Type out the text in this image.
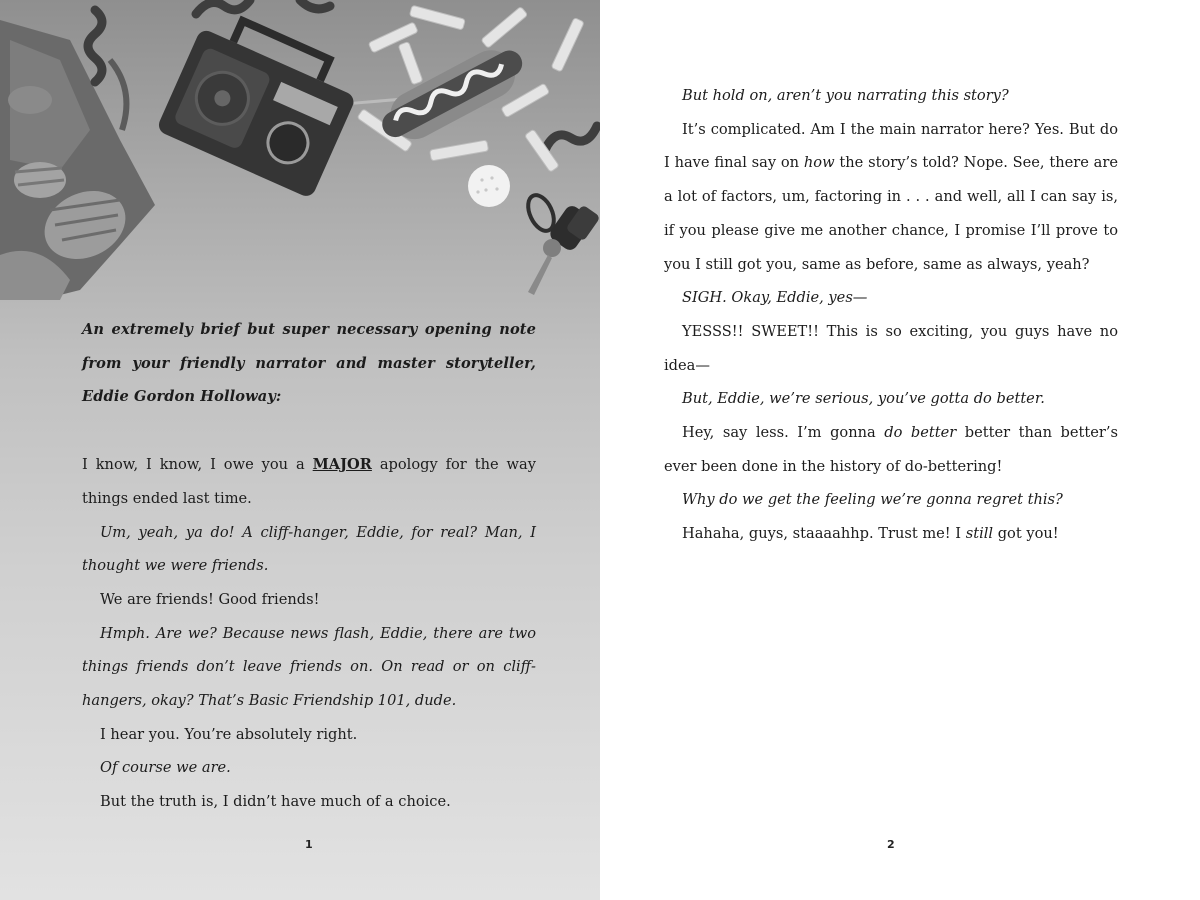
An extremely brief but super necessary opening note from your friendly narrator and master storyteller, Eddie Gordon Holloway:

I know, I know, I owe you a MAJOR apology for the way things ended last time.

Um, yeah, ya do! A cliff-hanger, Eddie, for real? Man, I thought we were friends.

We are friends! Good friends!

Hmph. Are we? Because news flash, Eddie, there are two things friends don’t leave friends on. On read or on cliff-hangers, okay? That’s Basic Friendship 101, dude.

I hear you. You’re absolutely right.

Of course we are.

But the truth is, I didn’t have much of a choice.

1

But hold on, aren’t you narrating this story?

It’s complicated. Am I the main narrator here? Yes. But do I have final say on how the story’s told? Nope. See, there are a lot of factors, um, factoring in . . . and well, all I can say is, if you please give me another chance, I promise I’ll prove to you I still got you, same as before, same as always, yeah?

SIGH. Okay, Eddie, yes—

YESSS!! SWEET!! This is so exciting, you guys have no idea—

But, Eddie, we’re serious, you’ve gotta do better.

Hey, say less. I’m gonna do better better than better’s ever been done in the history of do-bettering!

Why do we get the feeling we’re gonna regret this?

Hahaha, guys, staaaahhp. Trust me! I still got you!

2
